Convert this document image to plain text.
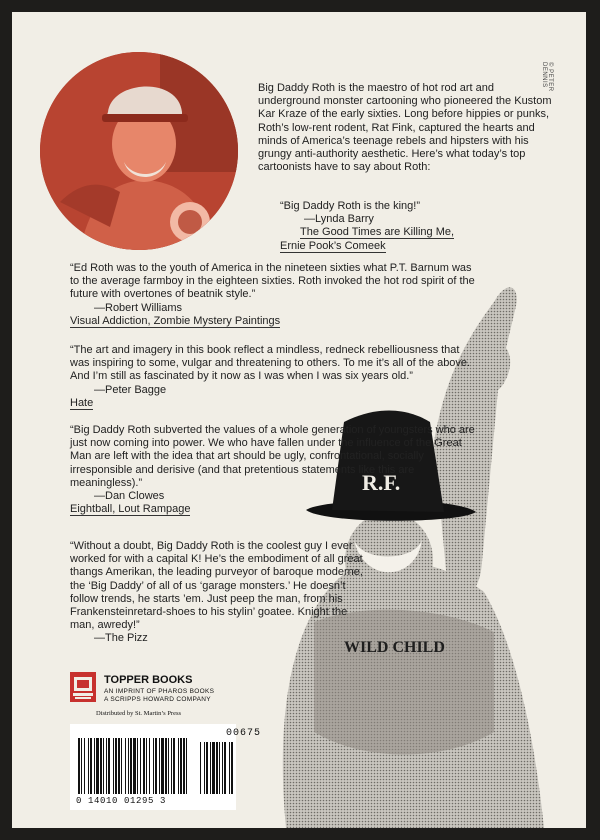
© PETER DENNIS
WILD CHILD
R.F.
Big Daddy Roth is the maestro of hot rod art and underground monster cartooning who pioneered the Kustom Kar Kraze of the early sixties. Long before hippies or punks, Roth’s low-rent rodent, Rat Fink, captured the hearts and minds of America’s teenage rebels and hipsters with his grungy anti-authority aesthetic. Here’s what today’s top cartoonists have to say about Roth:

“Big Daddy Roth is the king!”

—Lynda Barry

The Good Times are Killing Me,

Ernie Pook’s Comeek

“Ed Roth was to the youth of America in the nineteen sixties what P.T. Barnum was to the average farmboy in the eighteen sixties. Roth invoked the hot rod spirit of the future with overtones of beatnik style.”

—Robert Williams

Visual Addiction, Zombie Mystery Paintings

“The art and imagery in this book reflect a mindless, redneck rebelliousness that was inspiring to some, vulgar and threatening to others. To me it’s all of the above. And I’m still as fascinated by it now as I was when I was six years old.”

—Peter Bagge

Hate

“Big Daddy Roth subverted the values of a whole generation of youngsters who are just now coming into power. We who have fallen under the influence of the Great Man are left with the idea that art should be ugly, confrontational, socially irresponsible and derisive (and that pretentious statements like this are meaningless).”

—Dan Clowes

Eightball, Lout Rampage

“Without a doubt, Big Daddy Roth is the coolest guy I ever worked for with a capital K! He’s the embodiment of all great thangs Amerikan, the leading purveyor of baroque moderne, the ‘Big Daddy’ of all of us ‘garage monsters.’ He doesn’t follow trends, he starts ’em. Just peep the man, from his Frankensteinretard-shoes to his stylin’ goatee. Knight the man, awredy!”

—The Pizz

TOPPER BOOKS
AN IMPRINT OF PHAROS BOOKS
A SCRIPPS HOWARD COMPANY
Distributed by St. Martin’s Press
00675
0 14010 01295 3
